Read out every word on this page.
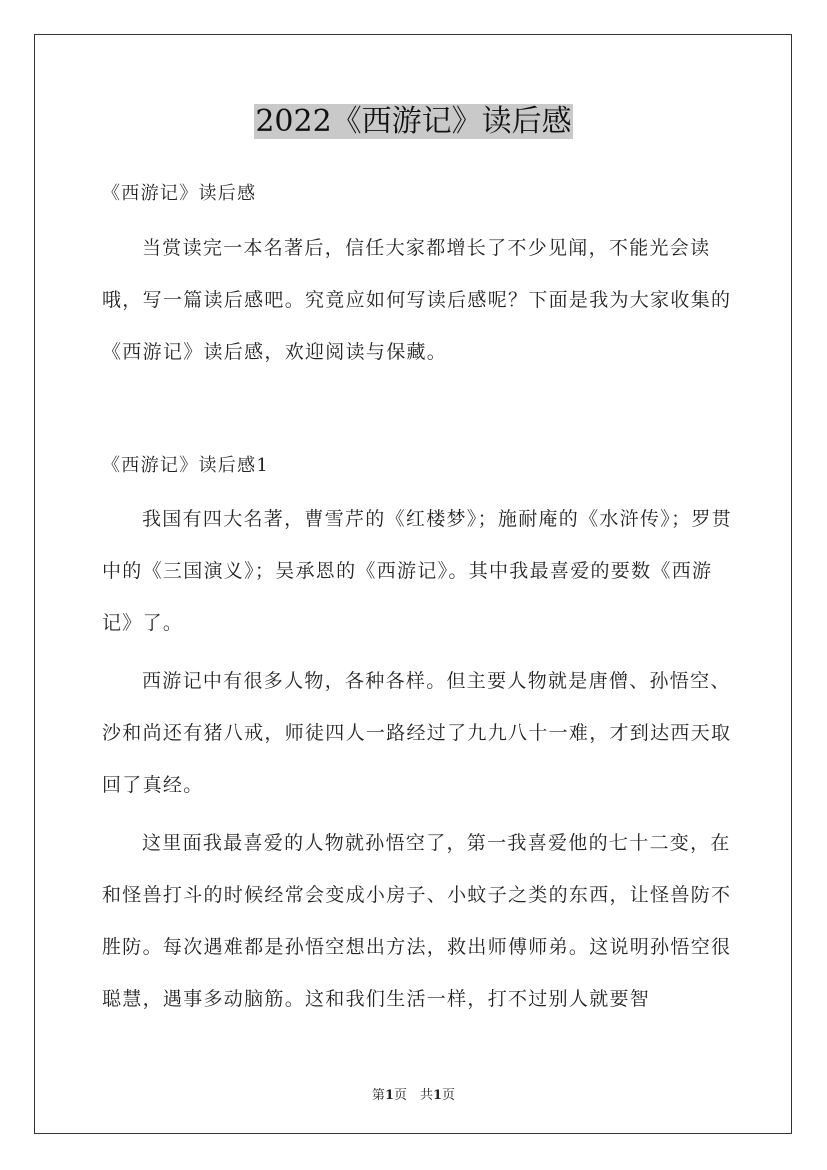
2022《西游记》读后感
《西游记》读后感
当赏读完一本名著后，信任大家都增长了不少见闻，不能光会读哦，写一篇读后感吧。究竟应如何写读后感呢？下面是我为大家收集的《西游记》读后感，欢迎阅读与保藏。
《西游记》读后感1
我国有四大名著，曹雪芹的《红楼梦》；施耐庵的《水浒传》；罗贯中的《三国演义》；吴承恩的《西游记》。其中我最喜爱的要数《西游记》了。
西游记中有很多人物，各种各样。但主要人物就是唐僧、孙悟空、沙和尚还有猪八戒，师徒四人一路经过了九九八十一难，才到达西天取回了真经。
这里面我最喜爱的人物就孙悟空了，第一我喜爱他的七十二变，在和怪兽打斗的时候经常会变成小房子、小蚊子之类的东西，让怪兽防不胜防。每次遇难都是孙悟空想出方法，救出师傅师弟。这说明孙悟空很聪慧，遇事多动脑筋。这和我们生活一样，打不过别人就要智
第1页　共1页
